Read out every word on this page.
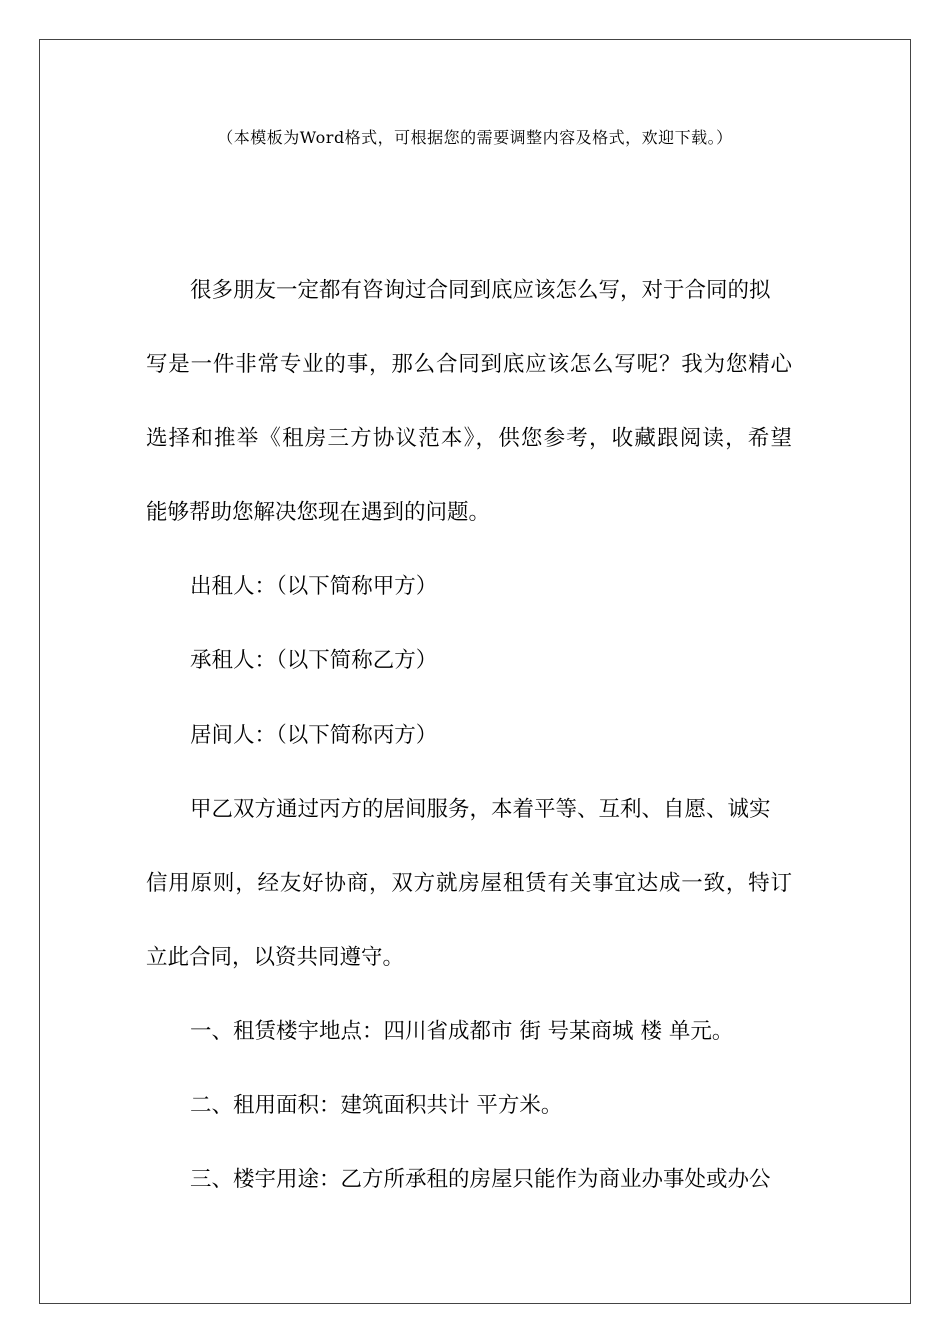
（本模板为Word格式，可根据您的需要调整内容及格式，欢迎下载。）
很多朋友一定都有咨询过合同到底应该怎么写，对于合同的拟
写是一件非常专业的事，那么合同到底应该怎么写呢？我为您精心
选择和推举《租房三方协议范本》，供您参考，收藏跟阅读，希望
能够帮助您解决您现在遇到的问题。
出租人：（以下简称甲方）
承租人：（以下简称乙方）
居间人：（以下简称丙方）
甲乙双方通过丙方的居间服务，本着平等、互利、自愿、诚实
信用原则，经友好协商，双方就房屋租赁有关事宜达成一致，特订
立此合同，以资共同遵守。
一、租赁楼宇地点：四川省成都市 街 号某商城 楼 单元。
二、租用面积：建筑面积共计 平方米。
三、楼宇用途：乙方所承租的房屋只能作为商业办事处或办公
